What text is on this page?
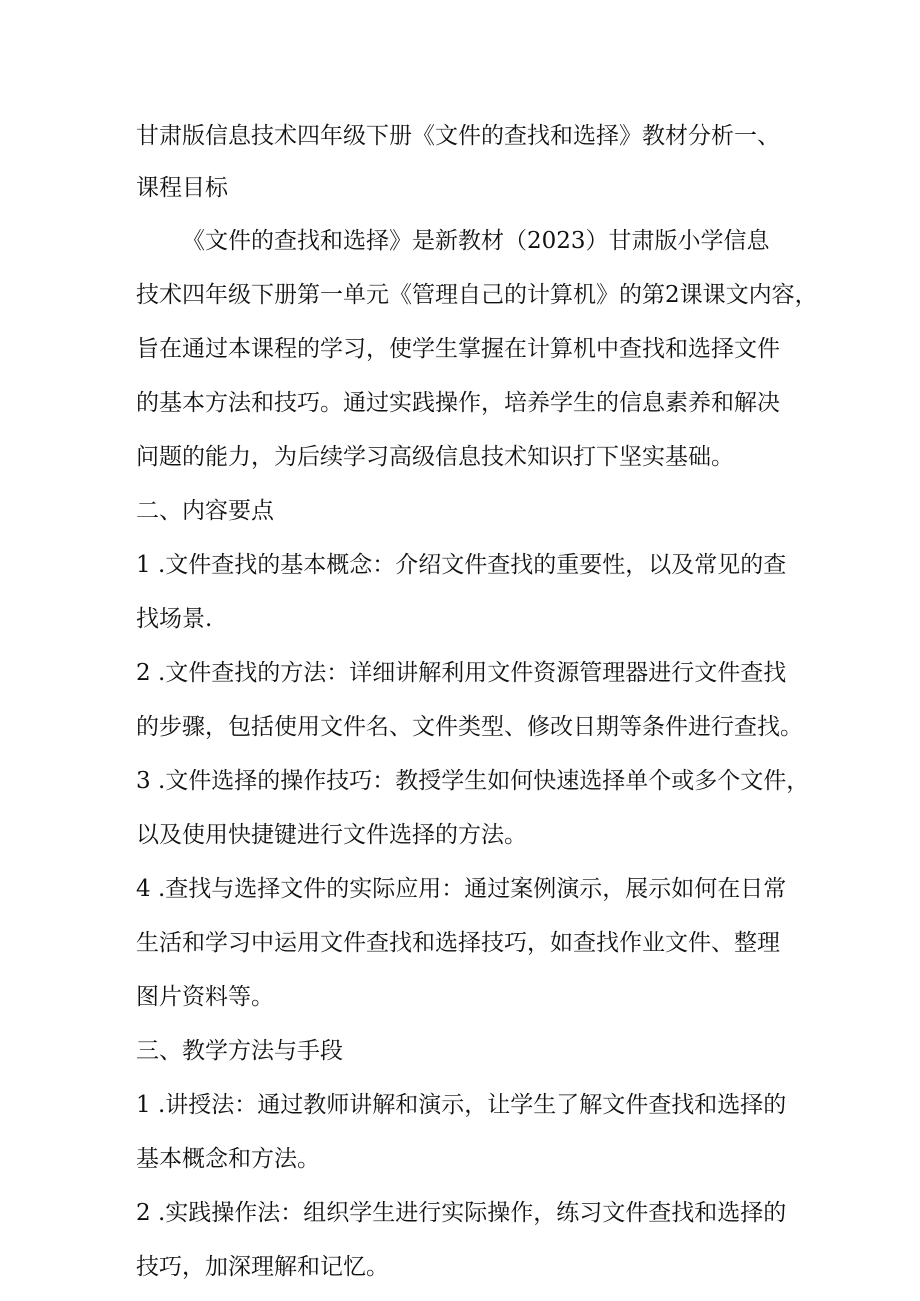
甘肃版信息技术四年级下册《文件的查找和选择》教材分析一、
课程目标
《文件的查找和选择》是新教材（2023）甘肃版小学信息
技术四年级下册第一单元《管理自己的计算机》的第2课课文内容，
旨在通过本课程的学习，使学生掌握在计算机中查找和选择文件
的基本方法和技巧。通过实践操作，培养学生的信息素养和解决
问题的能力，为后续学习高级信息技术知识打下坚实基础。
二、内容要点
1 .文件查找的基本概念：介绍文件查找的重要性，以及常见的查
找场景.
2 .文件查找的方法：详细讲解利用文件资源管理器进行文件查找
的步骤，包括使用文件名、文件类型、修改日期等条件进行查找。
3 .文件选择的操作技巧：教授学生如何快速选择单个或多个文件，
以及使用快捷键进行文件选择的方法。
4 .查找与选择文件的实际应用：通过案例演示，展示如何在日常
生活和学习中运用文件查找和选择技巧，如查找作业文件、整理
图片资料等。
三、教学方法与手段
1 .讲授法：通过教师讲解和演示，让学生了解文件查找和选择的
基本概念和方法。
2 .实践操作法：组织学生进行实际操作，练习文件查找和选择的
技巧，加深理解和记忆。
